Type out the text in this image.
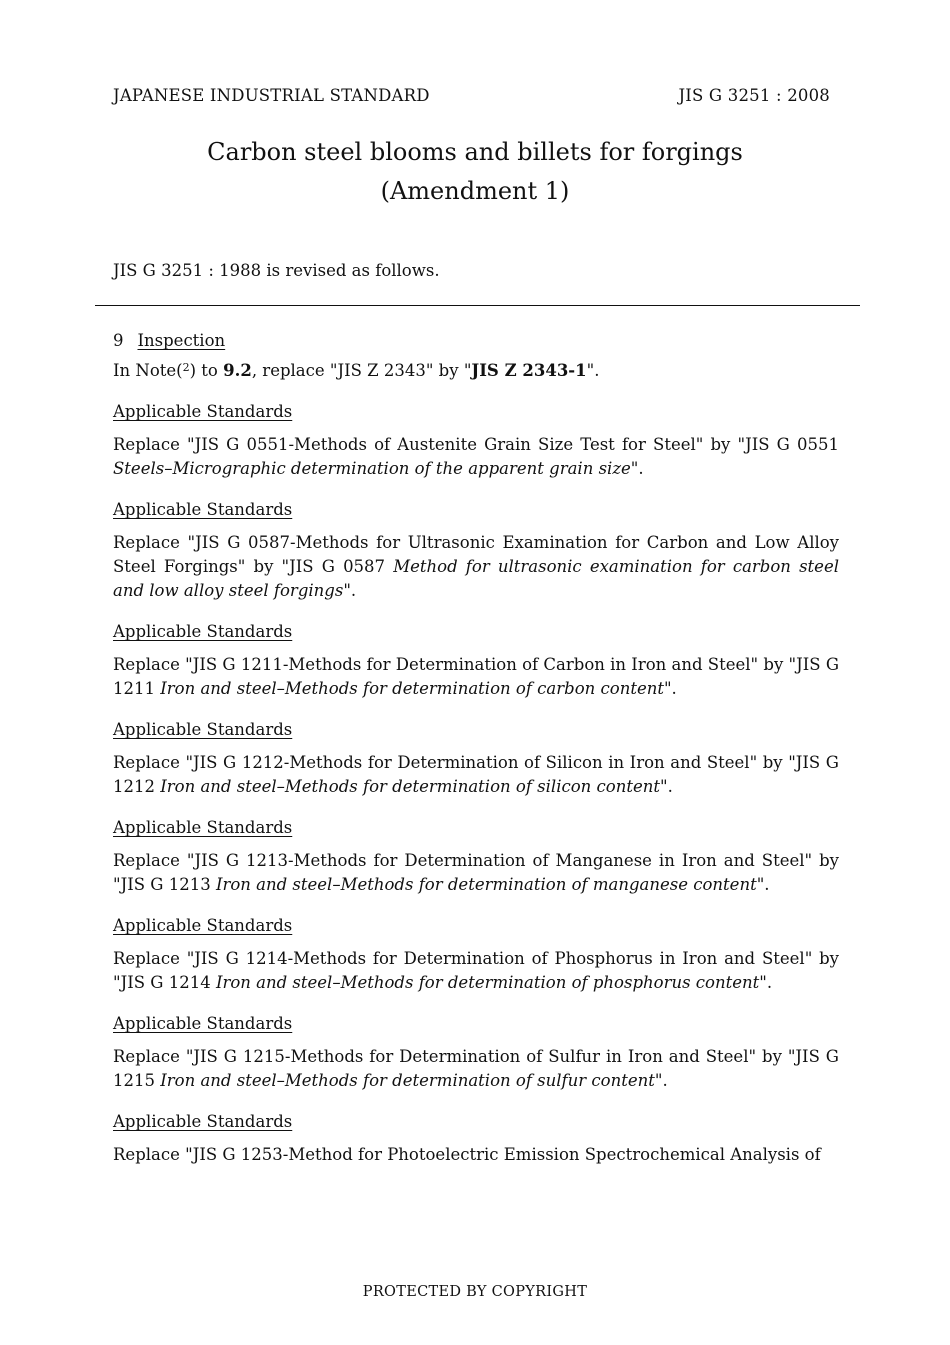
JAPANESE INDUSTRIAL STANDARD	JIS G 3251 : 2008
Carbon steel blooms and billets for forgings
(Amendment 1)
JIS G 3251 : 1988 is revised as follows.

9 Inspection

In Note($^2$) to 9.2, replace "JIS Z 2343" by "JIS Z 2343-1".

Applicable Standards

Replace "JIS G 0551-Methods of Austenite Grain Size Test for Steel" by "JIS G 0551 Steels–Micrographic determination of the apparent grain size".

Applicable Standards

Replace "JIS G 0587-Methods for Ultrasonic Examination for Carbon and Low Alloy Steel Forgings" by "JIS G 0587 Method for ultrasonic examination for carbon steel and low alloy steel forgings".

Applicable Standards

Replace "JIS G 1211-Methods for Determination of Carbon in Iron and Steel" by "JIS G 1211 Iron and steel–Methods for determination of carbon content".

Applicable Standards

Replace "JIS G 1212-Methods for Determination of Silicon in Iron and Steel" by "JIS G 1212 Iron and steel–Methods for determination of silicon content".

Applicable Standards

Replace "JIS G 1213-Methods for Determination of Manganese in Iron and Steel" by "JIS G 1213 Iron and steel–Methods for determination of manganese content".

Applicable Standards

Replace "JIS G 1214-Methods for Determination of Phosphorus in Iron and Steel" by "JIS G 1214 Iron and steel–Methods for determination of phosphorus content".

Applicable Standards

Replace "JIS G 1215-Methods for Determination of Sulfur in Iron and Steel" by "JIS G 1215 Iron and steel–Methods for determination of sulfur content".

Applicable Standards

Replace "JIS G 1253-Method for Photoelectric Emission Spectrochemical Analysis of

PROTECTED BY COPYRIGHT
